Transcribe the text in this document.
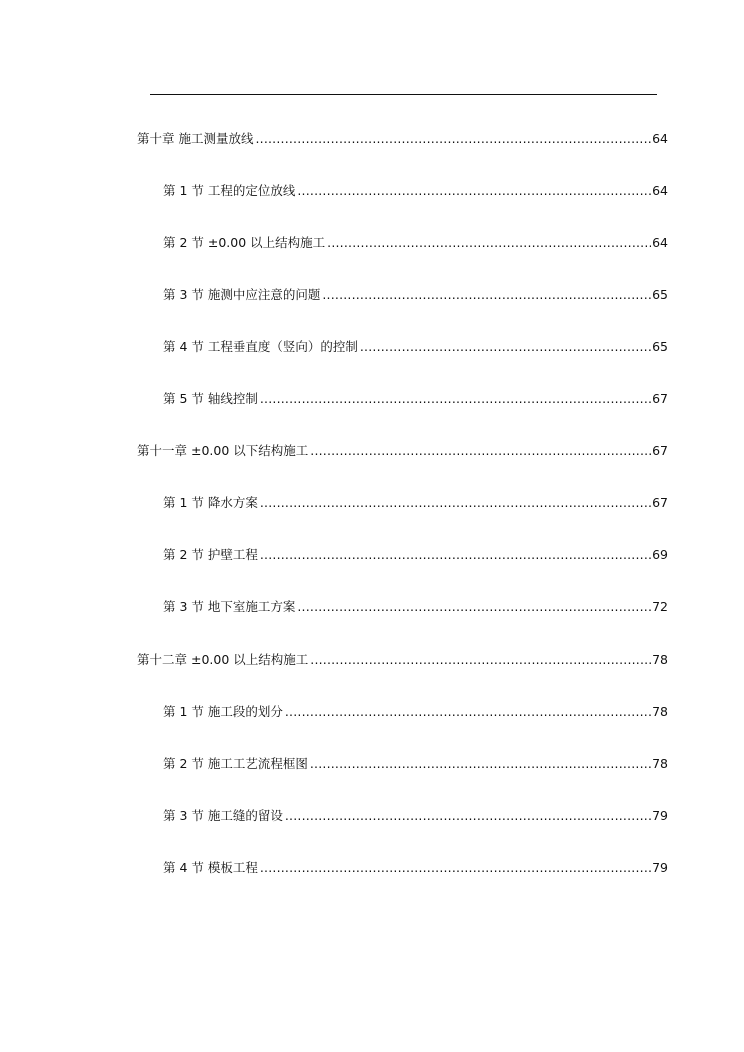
第十章 施工测量放线 .....	64
第 1 节 工程的定位放线 .....	64
第 2 节 ±0.00 以上结构施工 .....	64
第 3 节 施测中应注意的问题 .....	65
第 4 节 工程垂直度（竖向）的控制 .....	65
第 5 节 轴线控制 .....	67
第十一章 ±0.00 以下结构施工 .....	67
第 1 节 降水方案 .....	67
第 2 节 护壁工程 .....	69
第 3 节 地下室施工方案 .....	72
第十二章 ±0.00 以上结构施工 .....	78
第 1 节 施工段的划分 .....	78
第 2 节 施工工艺流程框图 .....	78
第 3 节 施工缝的留设 .....	79
第 4 节 模板工程 .....	79
